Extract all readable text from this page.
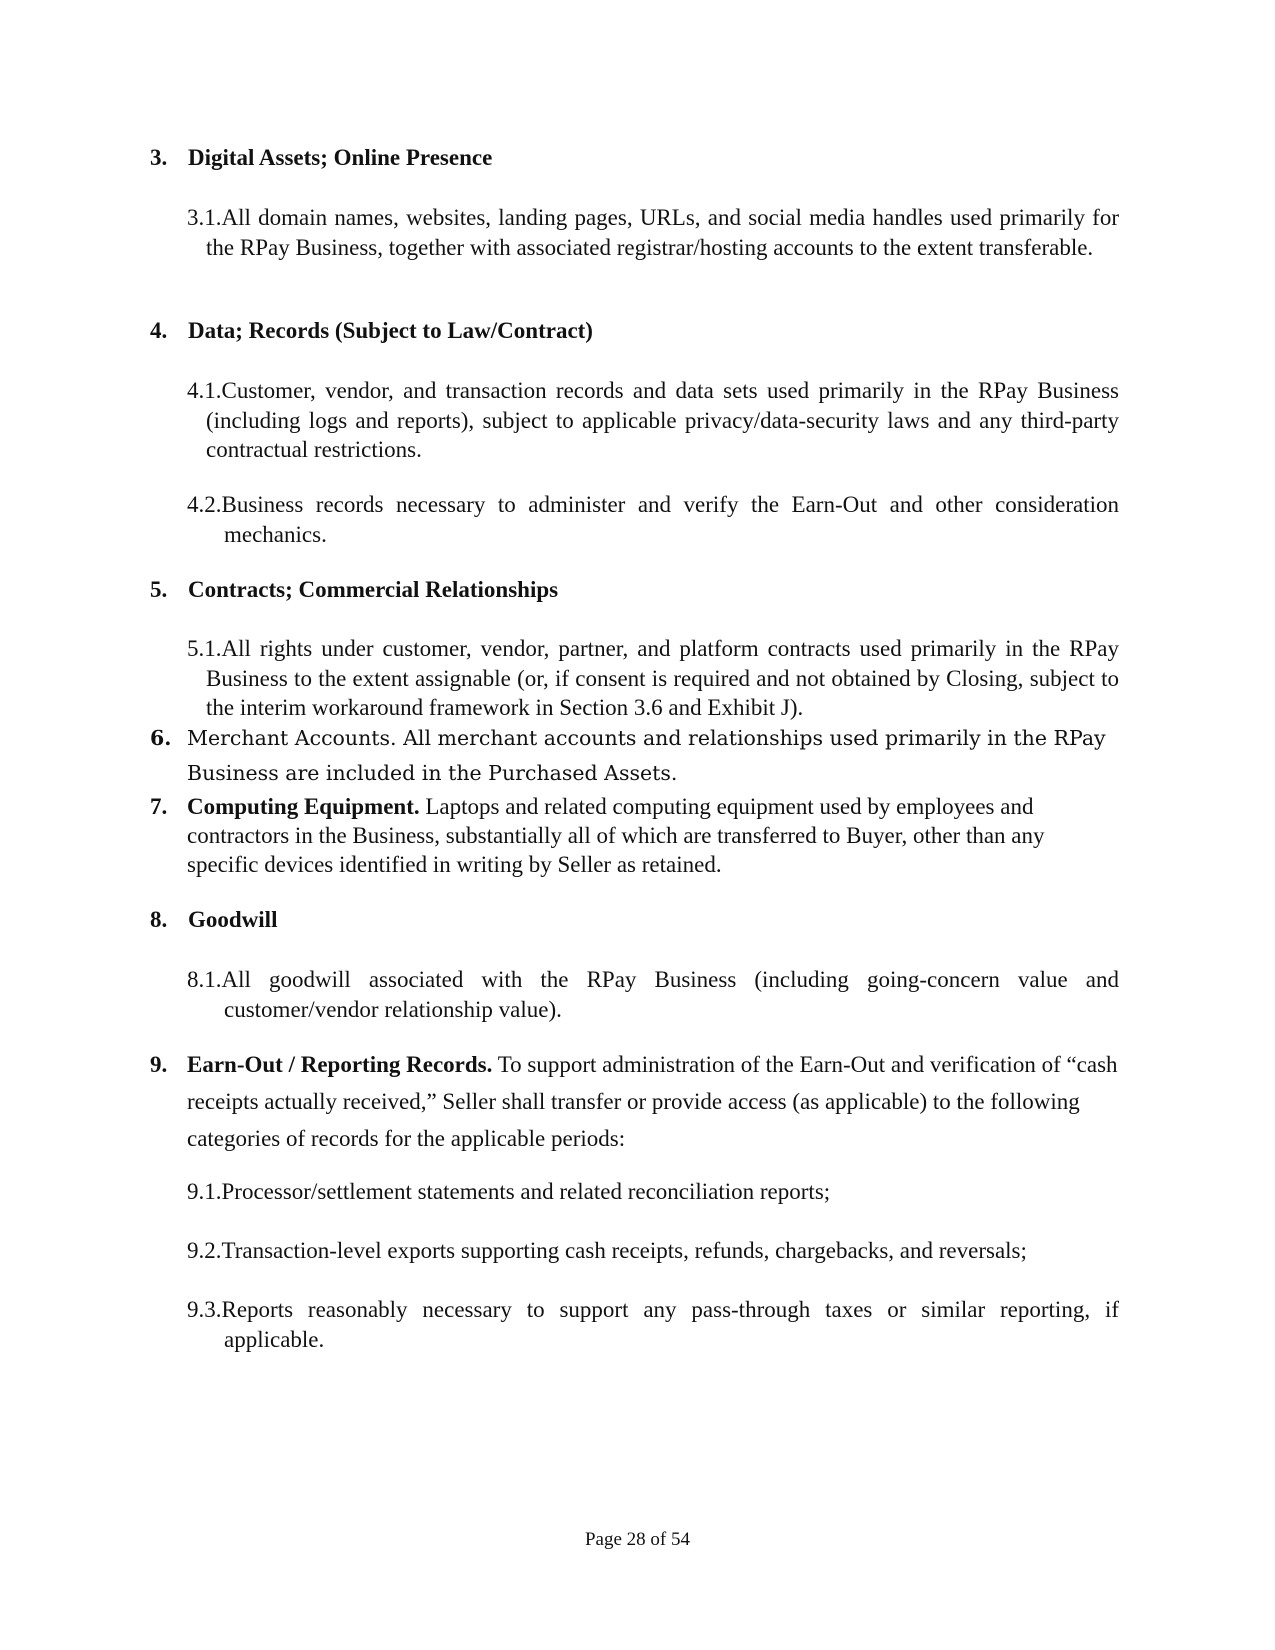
3. Digital Assets; Online Presence
3.1.All domain names, websites, landing pages, URLs, and social media handles used primarily for the RPay Business, together with associated registrar/hosting accounts to the extent transferable.
4. Data; Records (Subject to Law/Contract)
4.1.Customer, vendor, and transaction records and data sets used primarily in the RPay Business (including logs and reports), subject to applicable privacy/data-security laws and any third-party contractual restrictions.
4.2.Business records necessary to administer and verify the Earn-Out and other consideration mechanics.
5. Contracts; Commercial Relationships
5.1.All rights under customer, vendor, partner, and platform contracts used primarily in the RPay Business to the extent assignable (or, if consent is required and not obtained by Closing, subject to the interim workaround framework in Section 3.6 and Exhibit J).
6. Merchant Accounts. All merchant accounts and relationships used primarily in the RPay Business are included in the Purchased Assets.
7. Computing Equipment. Laptops and related computing equipment used by employees and contractors in the Business, substantially all of which are transferred to Buyer, other than any specific devices identified in writing by Seller as retained.
8. Goodwill
8.1.All goodwill associated with the RPay Business (including going-concern value and customer/vendor relationship value).
9. Earn-Out / Reporting Records. To support administration of the Earn-Out and verification of “cash receipts actually received,” Seller shall transfer or provide access (as applicable) to the following categories of records for the applicable periods:
9.1.Processor/settlement statements and related reconciliation reports;
9.2.Transaction-level exports supporting cash receipts, refunds, chargebacks, and reversals;
9.3.Reports reasonably necessary to support any pass-through taxes or similar reporting, if applicable.
Page 28 of 54
